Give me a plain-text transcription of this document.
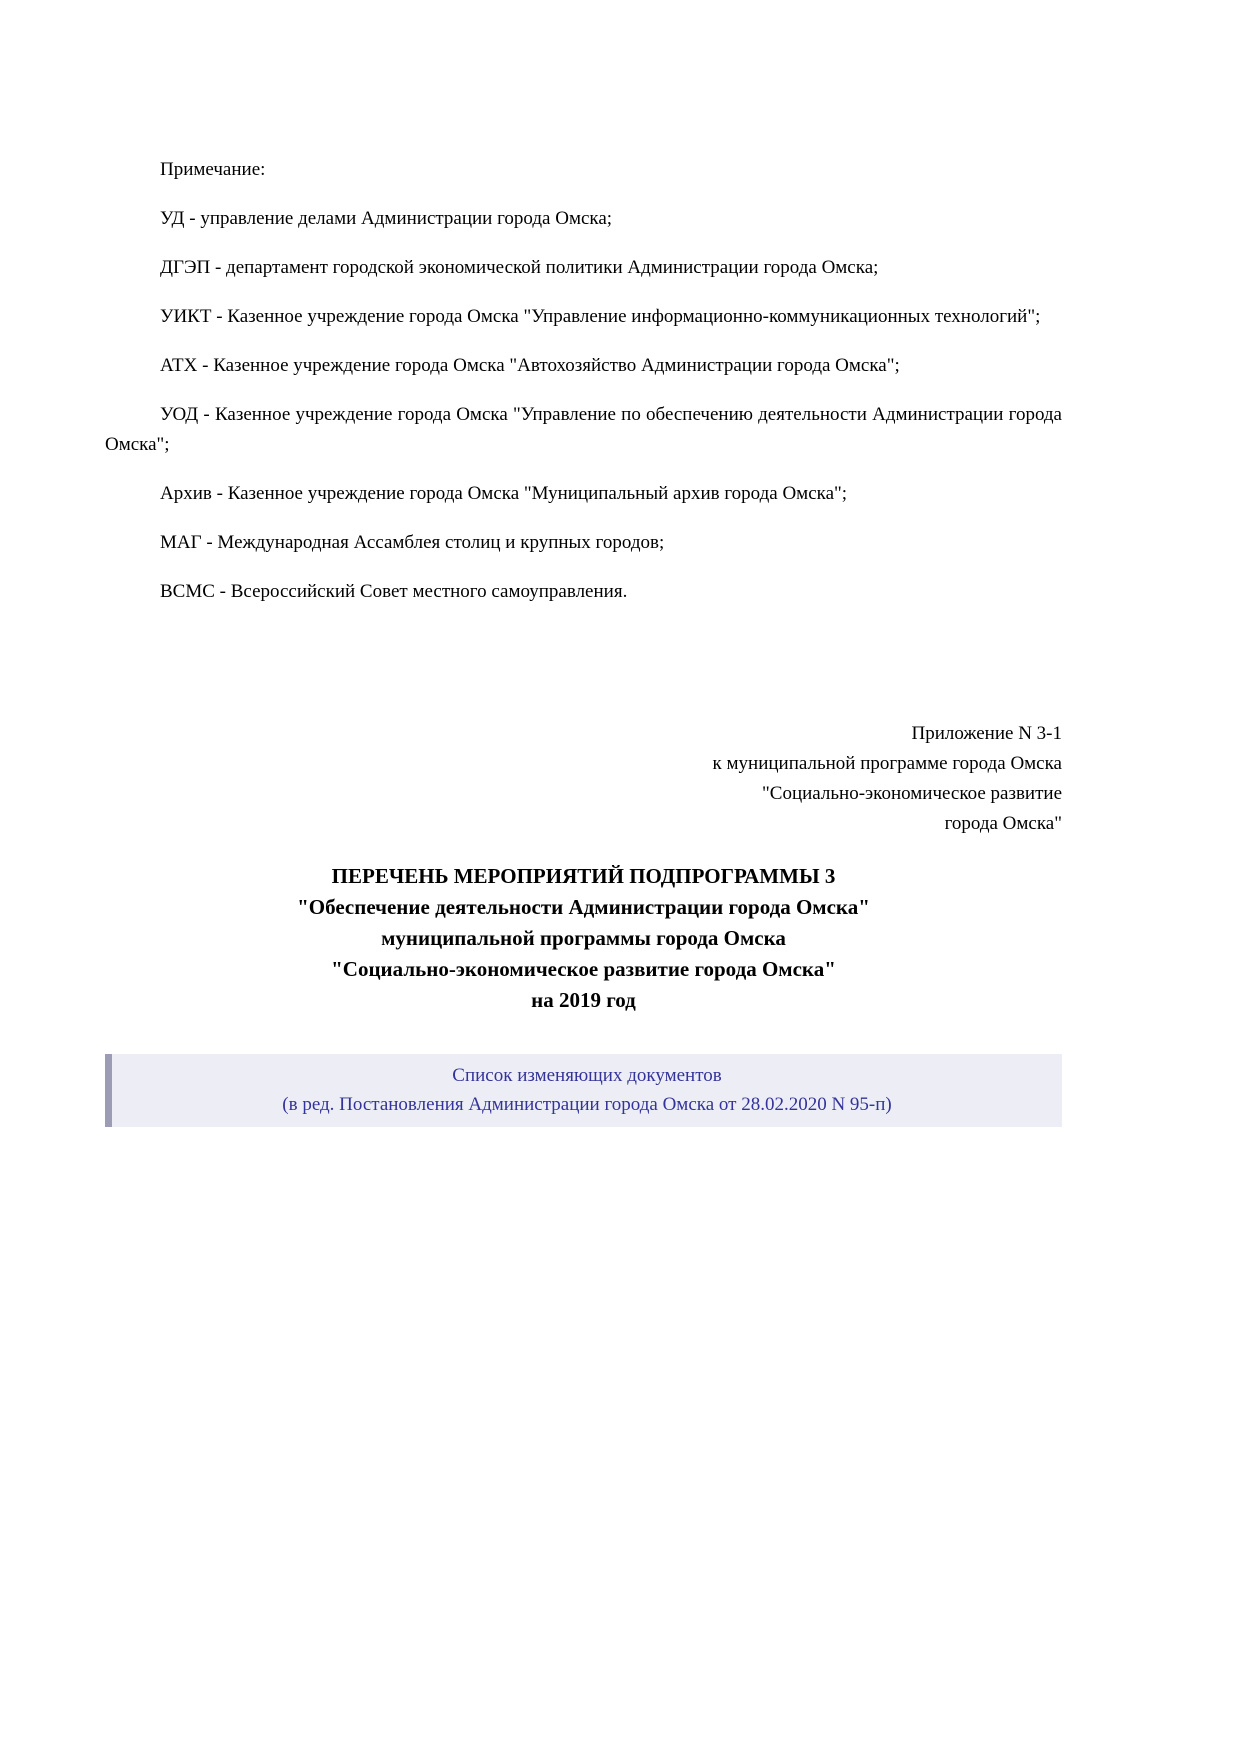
Примечание:

УД - управление делами Администрации города Омска;

ДГЭП - департамент городской экономической политики Администрации города Омска;

УИКТ - Казенное учреждение города Омска "Управление информационно-коммуникационных технологий";

АТХ - Казенное учреждение города Омска "Автохозяйство Администрации города Омска";

УОД - Казенное учреждение города Омска "Управление по обеспечению деятельности Администрации города Омска";

Архив - Казенное учреждение города Омска "Муниципальный архив города Омска";

МАГ - Международная Ассамблея столиц и крупных городов;

ВСМС - Всероссийский Совет местного самоуправления.

Приложение N 3-1
к муниципальной программе города Омска
"Социально-экономическое развитие
города Омска"
ПЕРЕЧЕНЬ МЕРОПРИЯТИЙ ПОДПРОГРАММЫ 3
"Обеспечение деятельности Администрации города Омска"
муниципальной программы города Омска
"Социально-экономическое развитие города Омска"
на 2019 год
Список изменяющих документов
(в ред. Постановления Администрации города Омска от 28.02.2020 N 95-п)
